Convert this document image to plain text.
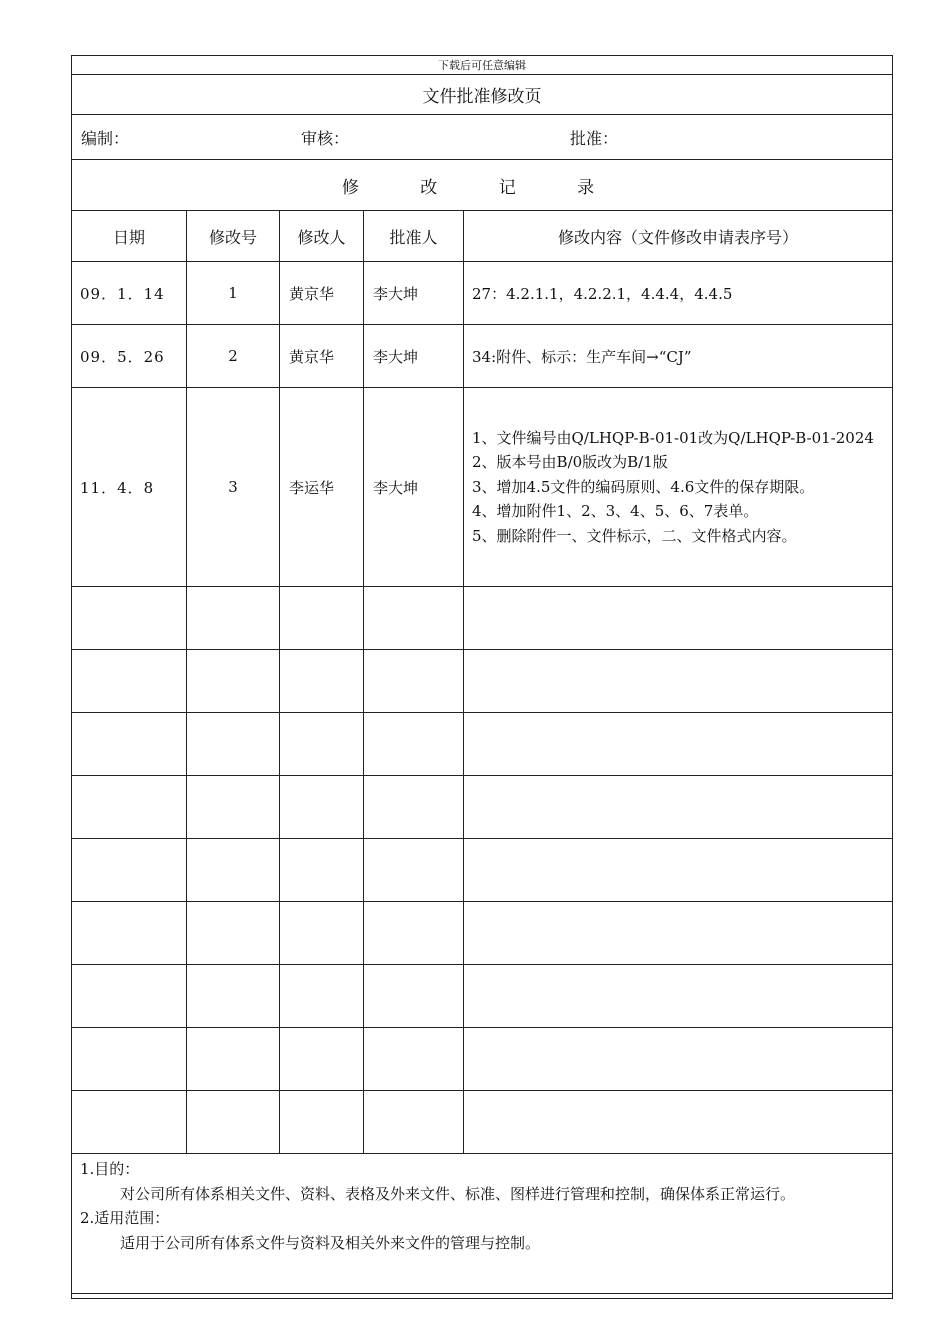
下载后可任意编辑				
文件批准修改页				

编制： 审核： 批准：				

修 改 记 录				
日期	修改号	修改人	批准人	修改内容（文件修改申请表序号）
09．1．14	1	黄京华	李大坤	27：4.2.1.1，4.2.2.1，4.4.4，4.4.5
09．5．26	2	黄京华	李大坤	34:附件、标示：生产车间→“CJ”
11．4．8	3	李运华	李大坤	1、文件编号由Q/LHQP-B-01-01改为Q/LHQP-B-01-2024
2、版本号由B/0版改为B/1版
3、增加4.5文件的编码原则、4.6文件的保存期限。
4、增加附件1、2、3、4、5、6、7表单。
5、删除附件一、文件标示，二、文件格式内容。

1.目的：
对公司所有体系相关文件、资料、表格及外来文件、标准、图样进行管理和控制，确保体系正常运行。
2.适用范围：
适用于公司所有体系文件与资料及相关外来文件的管理与控制。				
